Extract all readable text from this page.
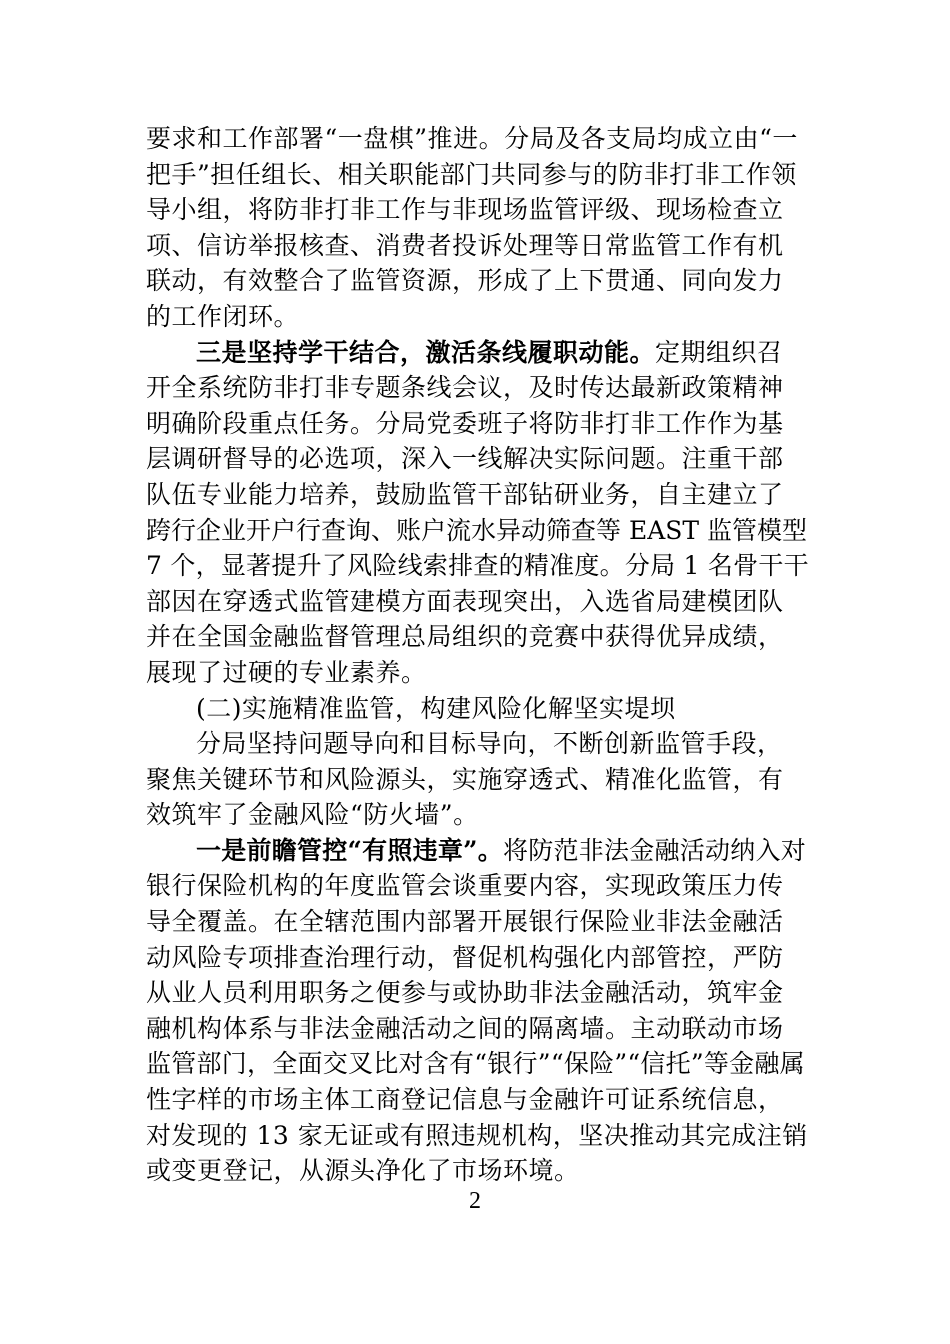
要求和工作部署“一盘棋”推进。分局及各支局均成立由“一
把手”担任组长、相关职能部门共同参与的防非打非工作领
导小组，将防非打非工作与非现场监管评级、现场检查立
项、信访举报核查、消费者投诉处理等日常监管工作有机
联动，有效整合了监管资源，形成了上下贯通、同向发力
的工作闭环。
三是坚持学干结合，激活条线履职动能。定期组织召
开全系统防非打非专题条线会议，及时传达最新政策精神
明确阶段重点任务。分局党委班子将防非打非工作作为基
层调研督导的必选项，深入一线解决实际问题。注重干部
队伍专业能力培养，鼓励监管干部钻研业务，自主建立了
跨行企业开户行查询、账户流水异动筛查等 EAST 监管模型
7 个，显著提升了风险线索排查的精准度。分局 1 名骨干干
部因在穿透式监管建模方面表现突出，入选省局建模团队
并在全国金融监督管理总局组织的竞赛中获得优异成绩，
展现了过硬的专业素养。
(二)实施精准监管，构建风险化解坚实堤坝
分局坚持问题导向和目标导向，不断创新监管手段，
聚焦关键环节和风险源头，实施穿透式、精准化监管，有
效筑牢了金融风险“防火墙”。
一是前瞻管控“有照违章”。将防范非法金融活动纳入对
银行保险机构的年度监管会谈重要内容，实现政策压力传
导全覆盖。在全辖范围内部署开展银行保险业非法金融活
动风险专项排查治理行动，督促机构强化内部管控，严防
从业人员利用职务之便参与或协助非法金融活动，筑牢金
融机构体系与非法金融活动之间的隔离墙。主动联动市场
监管部门，全面交叉比对含有“银行”“保险”“信托”等金融属
性字样的市场主体工商登记信息与金融许可证系统信息，
对发现的 13 家无证或有照违规机构，坚决推动其完成注销
或变更登记，从源头净化了市场环境。
2
